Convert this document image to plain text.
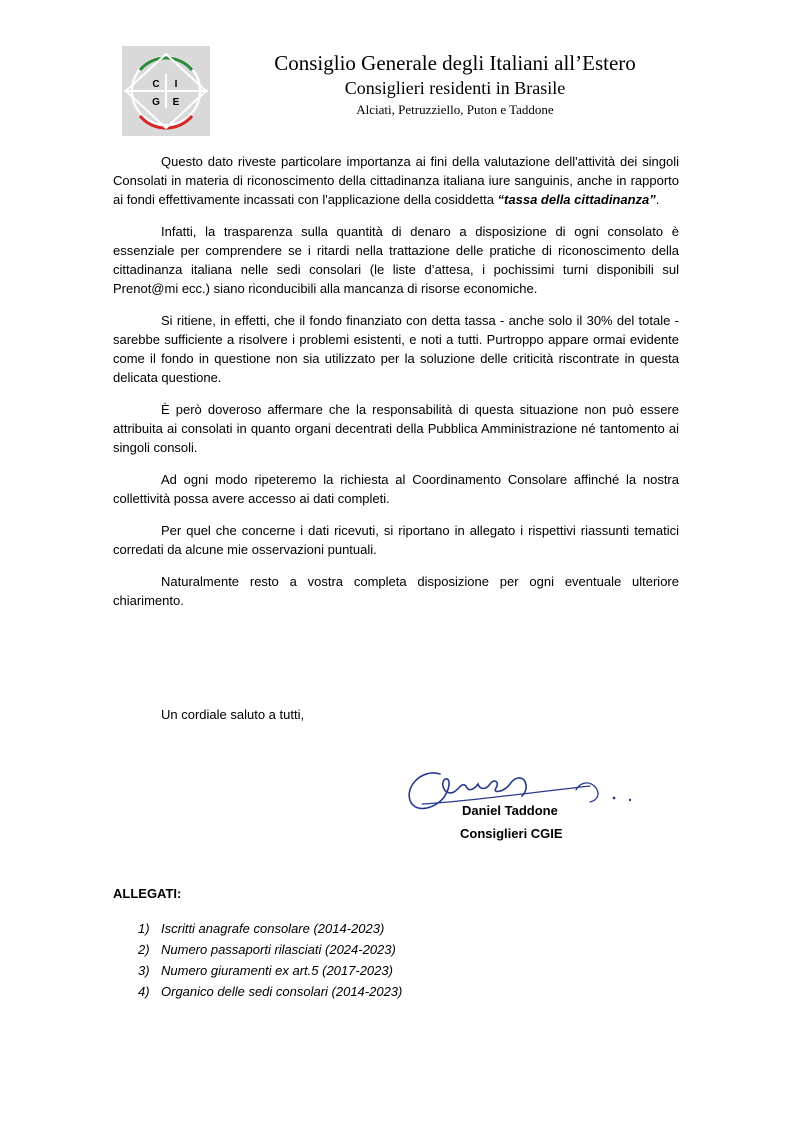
C I
G E
Consiglio Generale degli Italiani all’Estero
Consiglieri residenti in Brasile
Alciati, Petruzziello, Puton e Taddone

Questo dato riveste particolare importanza ai fini della valutazione dell'attività dei singoli Consolati in materia di riconoscimento della cittadinanza italiana iure sanguinis, anche in rapporto ai fondi effettivamente incassati con l'applicazione della cosiddetta “tassa della cittadinanza”.

Infatti, la trasparenza sulla quantità di denaro a disposizione di ogni consolato è essenziale per comprendere se i ritardi nella trattazione delle pratiche di riconoscimento della cittadinanza italiana nelle sedi consolari (le liste d’attesa, i pochissimi turni disponibili sul Prenot@mi ecc.) siano riconducibili alla mancanza di risorse economiche.

Si ritiene, in effetti, che il fondo finanziato con detta tassa - anche solo il 30% del totale - sarebbe sufficiente a risolvere i problemi esistenti, e noti a tutti. Purtroppo appare ormai evidente come il fondo in questione non sia utilizzato per la soluzione delle criticità riscontrate in questa delicata questione.

È però doveroso affermare che la responsabilità di questa situazione non può essere attribuita ai consolati in quanto organi decentrati della Pubblica Amministrazione né tantomento ai singoli consoli.

Ad ogni modo ripeteremo la richiesta al Coordinamento Consolare affinché la nostra collettività possa avere accesso ai dati completi.

Per quel che concerne i dati ricevuti, si riportano in allegato i rispettivi riassunti tematici corredati da alcune mie osservazioni puntuali.

Naturalmente resto a vostra completa disposizione per ogni eventuale ulteriore chiarimento.

Un cordiale saluto a tutti,
Daniel Taddone
Consiglieri CGIE
ALLEGATI:
1) Iscritti anagrafe consolare (2014-2023)
2) Numero passaporti rilasciati (2024-2023)
3) Numero giuramenti ex art.5 (2017-2023)
4) Organico delle sedi consolari (2014-2023)
